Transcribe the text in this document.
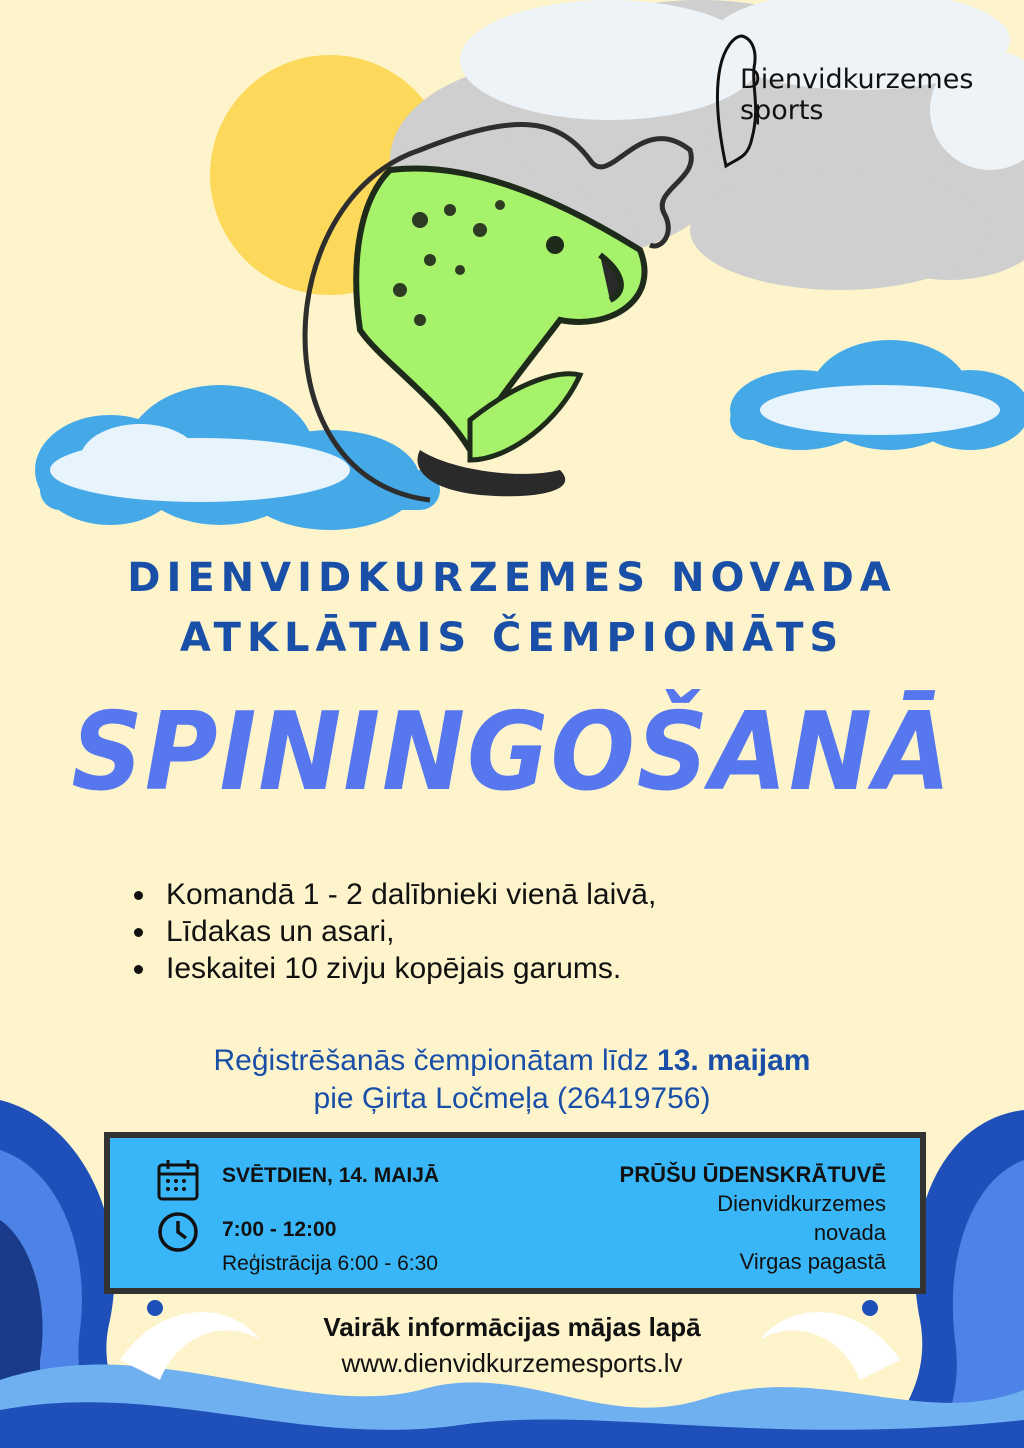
Dienvidkurzemes
sports
DIENVIDKURZEMES NOVADA
ATKLĀTAIS ČEMPIONĀTS
SPININGOŠANĀ
Komandā 1 - 2 dalībnieki vienā laivā,
Līdakas un asari,
Ieskaitei 10 zivju kopējais garums.
Reģistrēšanās čempionātam līdz 13. maijam
pie Ģirta Ločmeļa (26419756)
SVĒTDIEN, 14. MAIJĀ
7:00 - 12:00
Reģistrācija 6:00 - 6:30
PRŪŠU ŪDENSKRĀTUVĒ
Dienvidkurzemes
novada
Virgas pagastā
Vairāk informācijas mājas lapā
www.dienvidkurzemesports.lv
